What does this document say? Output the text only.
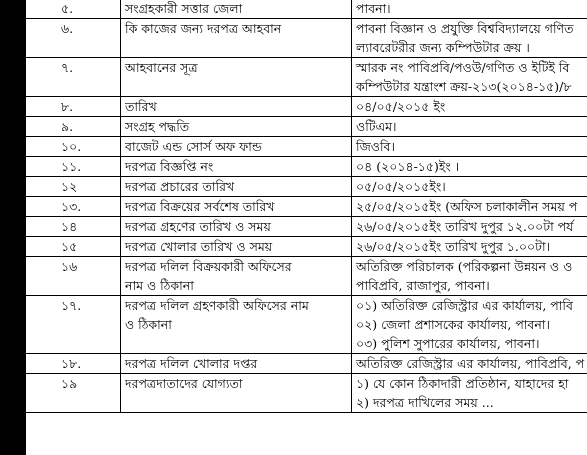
৫.	সংগ্রহকারী সত্তার জেলা	পাবনা।

৬.	কি কাজের জন্য দরপত্র আহবান	পাবনা বিজ্ঞান ও প্রযুক্তি বিশ্ববিদ্যালয়ে গণিত
ল্যাবরেটরীর জন্য কম্পিউটার ক্রয় ।

৭.	আহবানের সূত্র	স্মারক নং পাবিপ্রবি/পওউ/গণিত ও ইটিই বি
কম্পিউটার যন্ত্রাংশ ক্রয়-২১৩(২০১৪-১৫)/৮

৮.	তারিখ	০৪/০৫/২০১৫ ইং

৯.	সংগ্রহ পদ্ধতি	ওটিএম।

১০.	বাজেট এন্ড সোর্স অফ ফান্ড	জিওবি।

১১.	দরপত্র বিজ্ঞপ্তি নং	০৪ (২০১৪-১৫)ইং ।

১২	দরপত্র প্রচারের তারিখ	০৫/০৫/২০১৫ইং।

১৩.	দরপত্র বিক্রয়ের সর্বশেষ তারিখ	২৫/০৫/২০১৫ইং (অফিস চলাকালীন সময় প

১৪	দরপত্র গ্রহণের তারিখ ও সময়	২৬/০৫/২০১৫ইং তারিখ দুপুর ১২.০০টা পর্য

১৫	দরপত্র খোলার তারিখ ও সময়	২৬/০৫/২০১৫ইং তারিখ দুপুর ১.০০টা।

১৬	দরপত্র দলিল বিক্রয়কারী অফিসের
নাম ও ঠিকানা	অতিরিক্ত পরিচালক (পরিকল্পনা উন্নয়ন ও ও
পাবিপ্রবি, রাজাপুর, পাবনা।

১৭.	দরপত্র দলিল গ্রহণকারী অফিসের নাম
ও ঠিকানা	০১) অতিরিক্ত রেজিস্ট্রার এর কার্যালয়, পাবি
০২) জেলা প্রশাসকের কার্যালয়, পাবনা।
০৩) পুলিশ সুপারের কার্যালয়, পাবনা।

১৮.	দরপত্র দলিল খোলার দপ্তর	অতিরিক্ত রেজিস্ট্রার এর কার্যালয়, পাবিপ্রবি, প

১৯	দরপত্রদাতাদের যোগ্যতা	১) যে কোন ঠিকাদারী প্রতিষ্ঠান, যাহাদের হা
২) দরপত্র দাখিলের সময় ...
